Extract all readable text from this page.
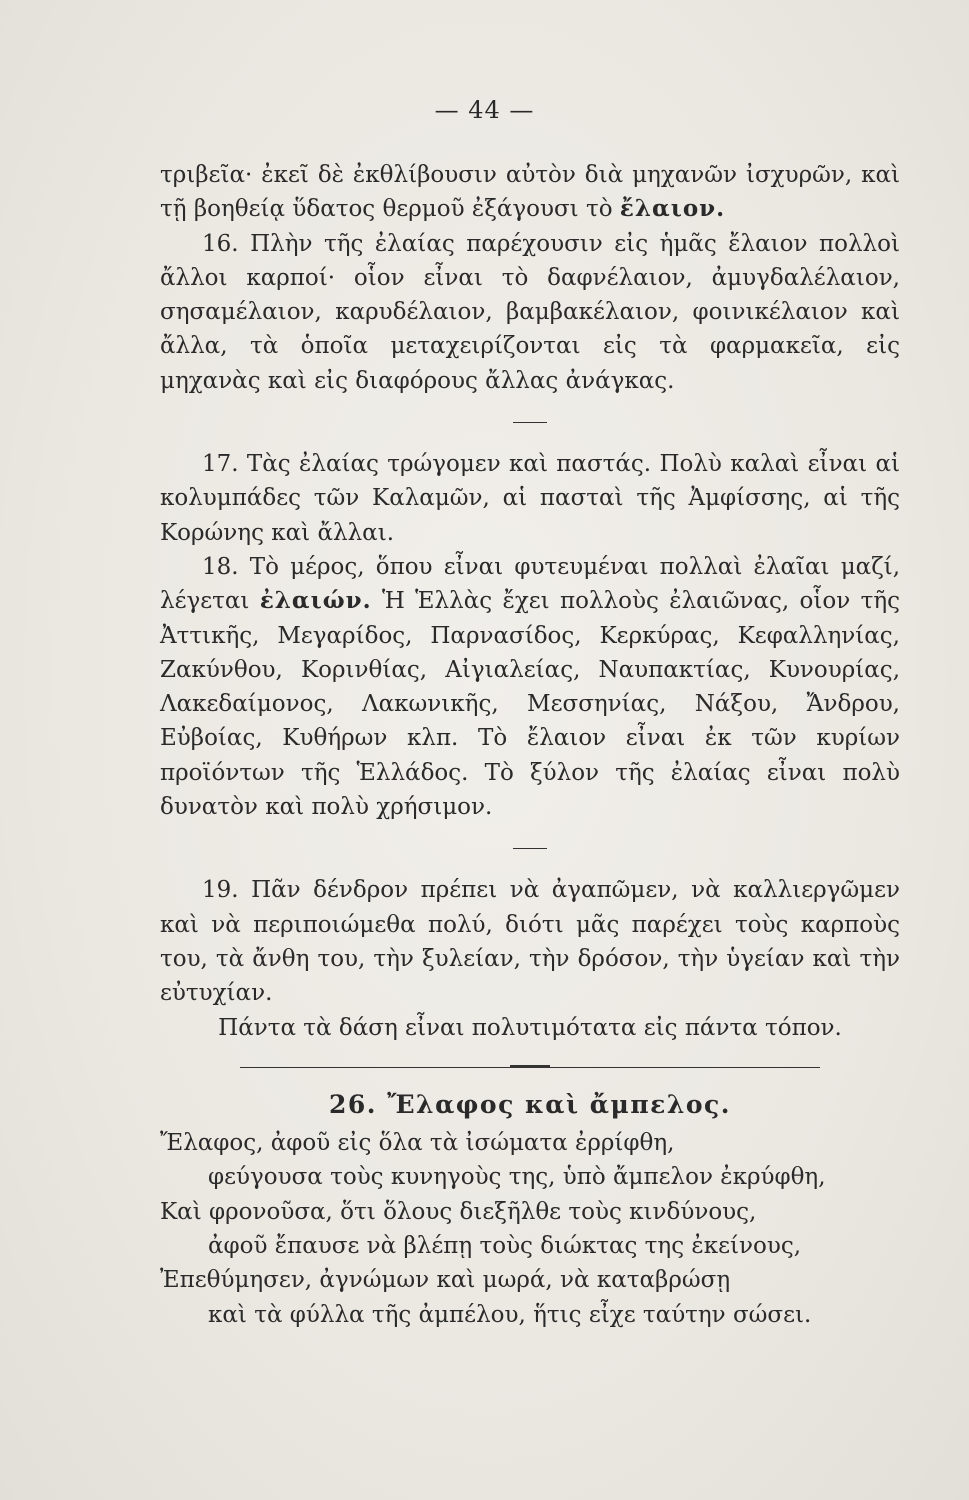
— 44 —

τριβεῖα· ἐκεῖ δὲ ἐκθλίβουσιν αὐτὸν διὰ μηχανῶν ἰσχυρῶν, καὶ τῇ βοηθείᾳ ὕδατος θερμοῦ ἐξάγουσι τὸ ἔλαιον.

16. Πλὴν τῆς ἐλαίας παρέχουσιν εἰς ἡμᾶς ἔλαιον πολλοὶ ἄλλοι καρποί· οἷον εἶναι τὸ δαφνέλαιον, ἀμυγδαλέλαιον, σησαμέλαιον, καρυδέλαιον, βαμβακέλαιον, φοινικέλαιον καὶ ἄλλα, τὰ ὁποῖα μεταχειρίζονται εἰς τὰ φαρμακεῖα, εἰς μηχανὰς καὶ εἰς διαφόρους ἄλλας ἀνάγκας.

17. Τὰς ἐλαίας τρώγομεν καὶ παστάς. Πολὺ καλαὶ εἶναι αἱ κολυμπάδες τῶν Καλαμῶν, αἱ πασταὶ τῆς Ἀμφίσσης, αἱ τῆς Κορώνης καὶ ἄλλαι.

18. Τὸ μέρος, ὅπου εἶναι φυτευμέναι πολλαὶ ἐλαῖαι μαζί, λέγεται ἐλαιών. Ἡ Ἑλλὰς ἔχει πολλοὺς ἐλαιῶνας, οἷον τῆς Ἀττικῆς, Μεγαρίδος, Παρνασίδος, Κερκύρας, Κεφαλληνίας, Ζακύνθου, Κορινθίας, Αἰγιαλείας, Ναυπακτίας, Κυνουρίας, Λακεδαίμονος, Λακωνικῆς, Μεσσηνίας, Νάξου, Ἄνδρου, Εὐβοίας, Κυθήρων κλπ. Τὸ ἔλαιον εἶναι ἐκ τῶν κυρίων προϊόντων τῆς Ἑλλάδος. Τὸ ξύλον τῆς ἐλαίας εἶναι πολὺ δυνατὸν καὶ πολὺ χρήσιμον.

19. Πᾶν δένδρον πρέπει νὰ ἀγαπῶμεν, νὰ καλλιεργῶμεν καὶ νὰ περιποιώμεθα πολύ, διότι μᾶς παρέχει τοὺς καρποὺς του, τὰ ἄνθη του, τὴν ξυλείαν, τὴν δρόσον, τὴν ὑγείαν καὶ τὴν εὐτυχίαν.

Πάντα τὰ δάση εἶναι πολυτιμότατα εἰς πάντα τόπον.

26. Ἔλαφος καὶ ἄμπελος.

Ἔλαφος, ἀφοῦ εἰς ὅλα τὰ ἰσώματα ἐρρίφθη,

φεύγουσα τοὺς κυνηγοὺς της, ὑπὸ ἄμπελον ἐκρύφθη,

Καὶ φρονοῦσα, ὅτι ὅλους διεξῆλθε τοὺς κινδύνους,

ἀφοῦ ἔπαυσε νὰ βλέπῃ τοὺς διώκτας της ἐκείνους,

Ἐπεθύμησεν, ἀγνώμων καὶ μωρά, νὰ καταβρώσῃ

καὶ τὰ φύλλα τῆς ἀμπέλου, ἥτις εἶχε ταύτην σώσει.
